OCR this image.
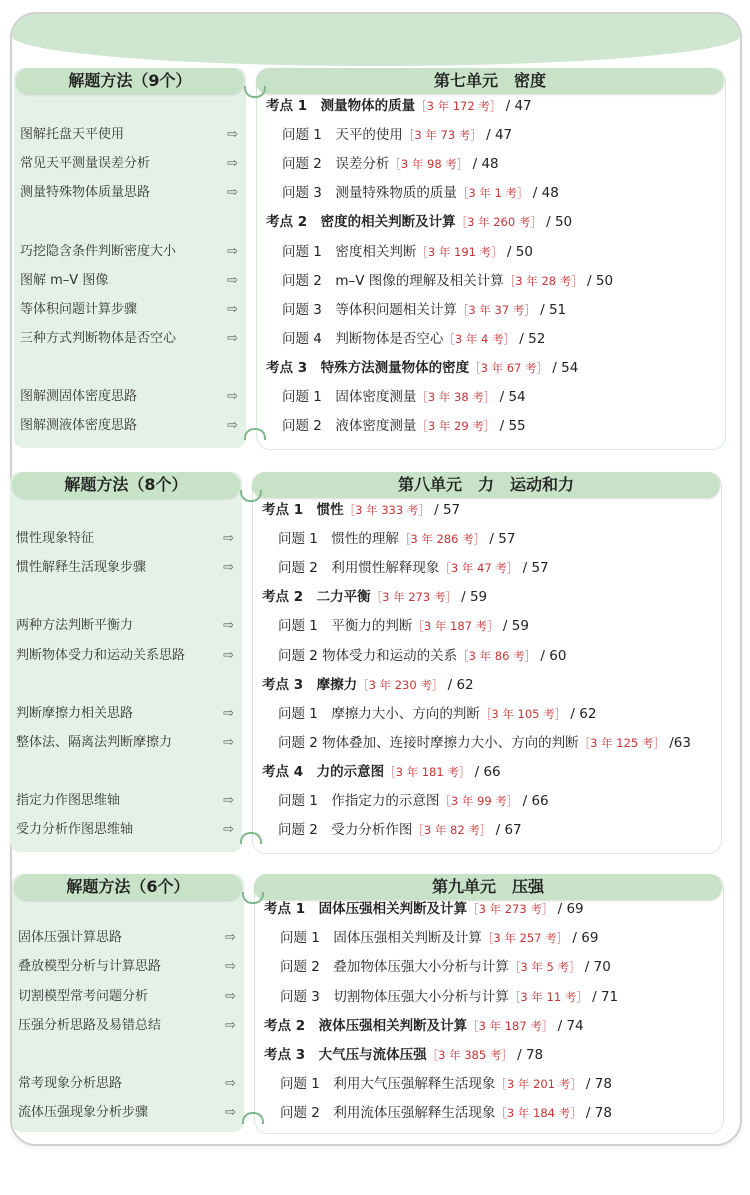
解题方法（9个）	第七单元　密度
图解托盘天平使用	⇨
常见天平测量误差分析	⇨
测量特殊物体质量思路	⇨
巧挖隐含条件判断密度大小	⇨
图解 m–V 图像	⇨
等体积问题计算步骤	⇨
三种方式判断物体是否空心	⇨
图解测固体密度思路	⇨
图解测液体密度思路	⇨
考点 1　测量物体的质量［3 年 172 考］ / 47
问题 1　天平的使用［3 年 73 考］ / 47
问题 2　误差分析［3 年 98 考］ / 48
问题 3　测量特殊物质的质量［3 年 1 考］ / 48
考点 2　密度的相关判断及计算［3 年 260 考］ / 50
问题 1　密度相关判断［3 年 191 考］ / 50
问题 2　m–V 图像的理解及相关计算［3 年 28 考］ / 50
问题 3　等体积问题相关计算［3 年 37 考］ / 51
问题 4　判断物体是否空心［3 年 4 考］ / 52
考点 3　特殊方法测量物体的密度［3 年 67 考］ / 54
问题 1　固体密度测量［3 年 38 考］ / 54
问题 2　液体密度测量［3 年 29 考］ / 55
解题方法（8个）	第八单元　力　运动和力
惯性现象特征	⇨
惯性解释生活现象步骤	⇨
两种方法判断平衡力	⇨
判断物体受力和运动关系思路	⇨
判断摩擦力相关思路	⇨
整体法、隔离法判断摩擦力	⇨
指定力作图思维轴	⇨
受力分析作图思维轴	⇨
考点 1　惯性［3 年 333 考］ / 57
问题 1　惯性的理解［3 年 286 考］ / 57
问题 2　利用惯性解释现象［3 年 47 考］ / 57
考点 2　二力平衡［3 年 273 考］ / 59
问题 1　平衡力的判断［3 年 187 考］ / 59
问题 2 物体受力和运动的关系［3 年 86 考］ / 60
考点 3　摩擦力［3 年 230 考］ / 62
问题 1　摩擦力大小、方向的判断［3 年 105 考］ / 62
问题 2 物体叠加、连接时摩擦力大小、方向的判断［3 年 125 考］ /63
考点 4　力的示意图［3 年 181 考］ / 66
问题 1　作指定力的示意图［3 年 99 考］ / 66
问题 2　受力分析作图［3 年 82 考］ / 67
解题方法（6个）	第九单元　压强
固体压强计算思路	⇨
叠放模型分析与计算思路	⇨
切割模型常考问题分析	⇨
压强分析思路及易错总结	⇨
常考现象分析思路	⇨
流体压强现象分析步骤	⇨
考点 1　固体压强相关判断及计算［3 年 273 考］ / 69
问题 1　固体压强相关判断及计算［3 年 257 考］ / 69
问题 2　叠加物体压强大小分析与计算［3 年 5 考］ / 70
问题 3　切割物体压强大小分析与计算［3 年 11 考］ / 71
考点 2　液体压强相关判断及计算［3 年 187 考］ / 74
考点 3　大气压与流体压强［3 年 385 考］ / 78
问题 1　利用大气压强解释生活现象［3 年 201 考］ / 78
问题 2　利用流体压强解释生活现象［3 年 184 考］ / 78
